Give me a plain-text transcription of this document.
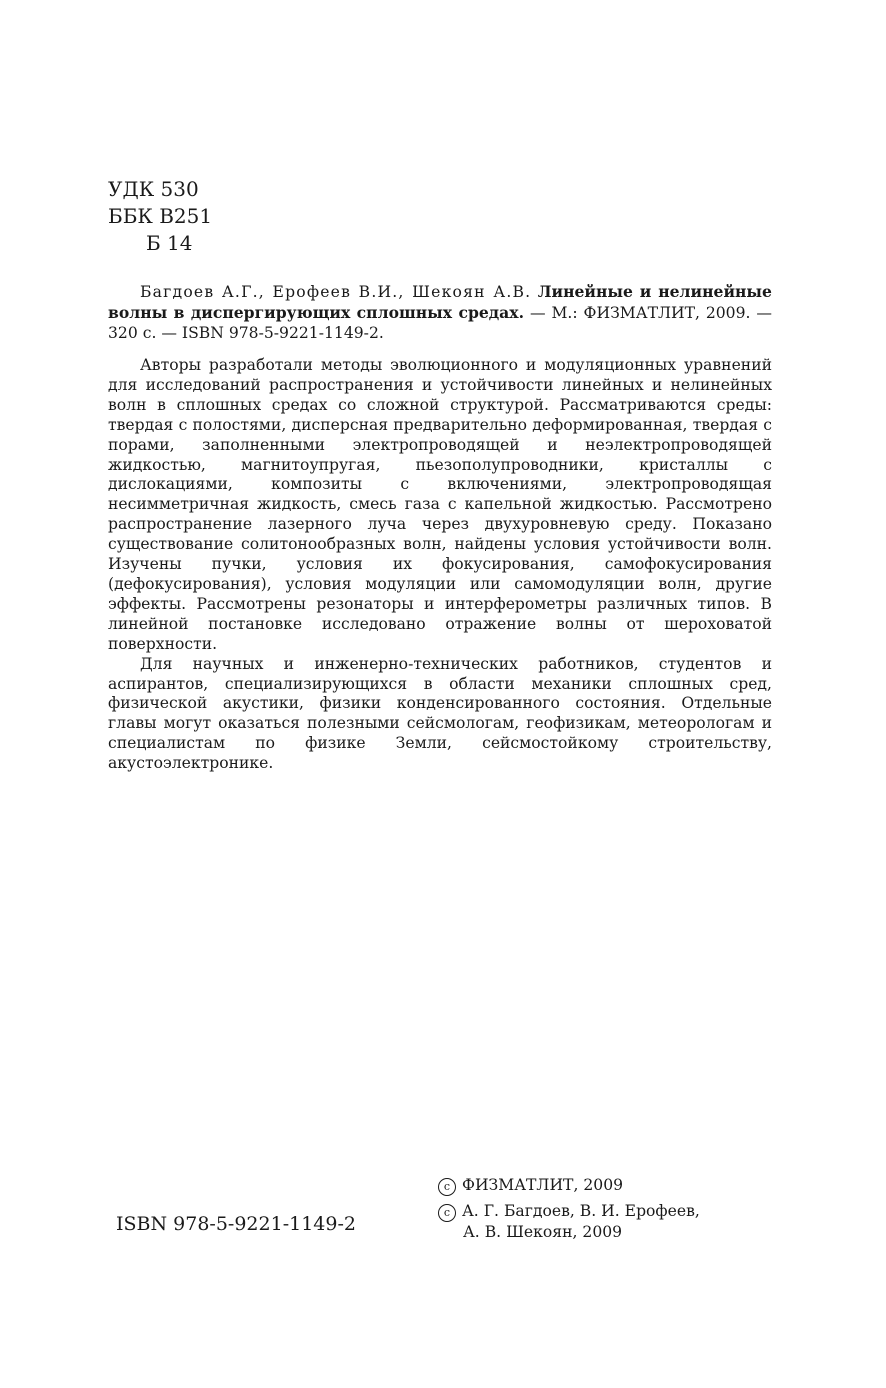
УДК 530
ББК В251
Б 14

Багдоев А.Г., Ерофеев В.И., Шекоян А.В. Линейные и нелинейные волны в диспергирующих сплошных средах. — М.: ФИЗМАТЛИТ, 2009. — 320 с. — ISBN 978-5-9221-1149-2.

Авторы разработали методы эволюционного и модуляционных уравнений для исследований распространения и устойчивости линейных и нелинейных волн в сплошных средах со сложной структурой. Рассматриваются среды: твердая с полостями, дисперсная предварительно деформированная, твердая с порами, заполненными электропроводящей и неэлектропроводящей жидкостью, магнитоупругая, пьезополупроводники, кристаллы с дислокациями, композиты с включениями, электропроводящая несимметричная жидкость, смесь газа с капельной жидкостью. Рассмотрено распространение лазерного луча через двухуровневую среду. Показано существование солитонообразных волн, найдены условия устойчивости волн. Изучены пучки, условия их фокусирования, самофокусирования (дефокусирования), условия модуляции или самомодуляции волн, другие эффекты. Рассмотрены резонаторы и интерферометры различных типов. В линейной постановке исследовано отражение волны от шероховатой поверхности.

Для научных и инженерно-технических работников, студентов и аспирантов, специализирующихся в области механики сплошных сред, физической акустики, физики конденсированного состояния. Отдельные главы могут оказаться полезными сейсмологам, геофизикам, метеорологам и специалистам по физике Земли, сейсмостойкому строительству, акустоэлектронике.

ISBN 978-5-9221-1149-2
c ФИЗМАТЛИТ, 2009
c А. Г. Багдоев, В. И. Ерофеев,
А. В. Шекоян, 2009
